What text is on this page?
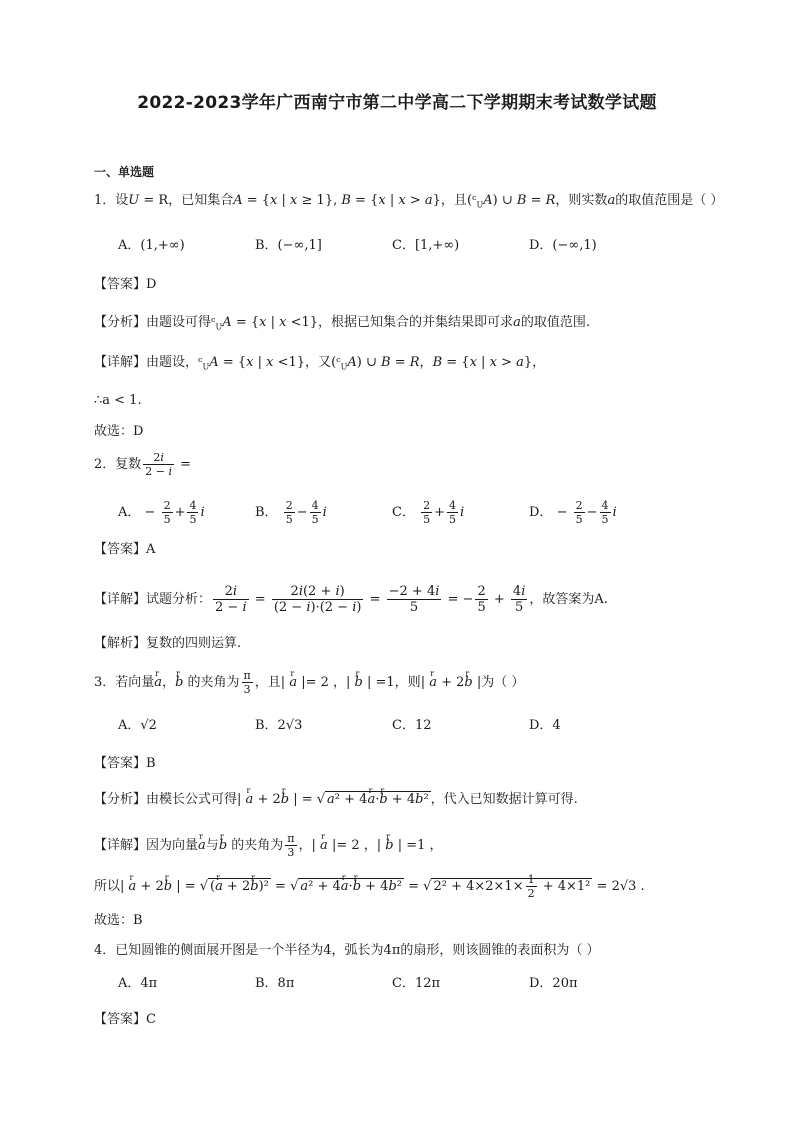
2022-2023学年广西南宁市第二中学高二下学期期末考试数学试题
一、单选题
1．设U = R，已知集合A = {x | x ≥ 1}, B = {x | x > a}，且(ᶜ$_U$A) ∪ B = R，则实数a的取值范围是（ ）
A．(1,+∞)	B．(−∞,1]	C．[1,+∞)	D．(−∞,1)
【答案】D
【分析】由题设可得ᶜ$_U$A = {x | x <1}，根据已知集合的并集结果即可求a的取值范围.
【详解】由题设，ᶜ$_U$A = {x | x <1}，又(ᶜ$_U$A) ∪ B = R，B = {x | x > a}，
∴a < 1.
故选：D
2．复数 $\frac{2i}{2 - i}$ =
A． − $\frac{2}{5} + \frac{4}{5}$ i	B． $\frac{2}{5} - \frac{4}{5}$ i	C． $\frac{2}{5} + \frac{4}{5}$ i	D． − $\frac{2}{5} - \frac{4}{5}$ i
【答案】A
【详解】试题分析： $\frac{2i}{2 - i} = \frac{2i(2 + i)}{(2 - i)\cdot(2 - i)} = \frac{-2 + 4i}{5}$ = − $\frac{2}{5} + \frac{4i}{5}$ ，故答案为A.
【解析】复数的四则运算.
3．若向量r a，r b 的夹角为 $\frac{\pi}{3}$ ，且| r a |= 2 ，| r b | =1，则| r a + 2r b |为（ ）
A．√2	B．2√3	C．12	D．4
【答案】B
【分析】由模长公式可得| r a + 2r b | = √ a² + 4r a·r b + 4b² ，代入已知数据计算可得.
【详解】因为向量r a与r b 的夹角为 $\frac{\pi}{3}$ ，| r a |= 2 ，| r b | =1 ，
所以| r a + 2r b | = √ (r a + 2r b)² = √ a² + 4r a·r b + 4b² = √ $2^2 + 4\times 2\times 1\times \frac{1}{2} + 4\times 1^2 = 2√3$ .
故选：B
4．已知圆锥的侧面展开图是一个半径为4，弧长为4π的扇形，则该圆锥的表面积为（ ）
A．4π	B．8π	C．12π	D．20π
【答案】C
